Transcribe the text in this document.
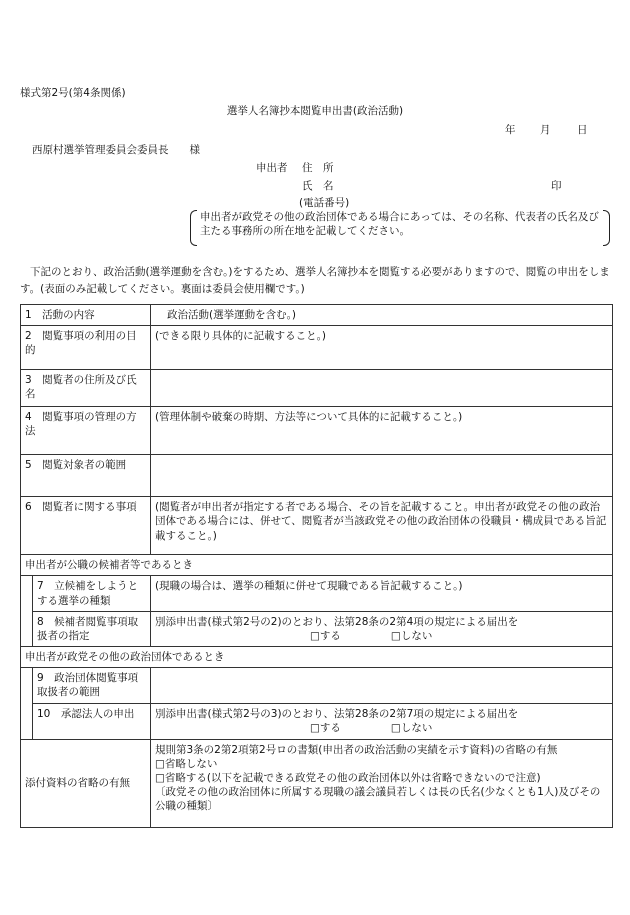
様式第2号(第4条関係)
選挙人名簿抄本閲覧申出書(政治活動)
年 月	日
西原村選挙管理委員会委員長　　様
申出者 住　所
氏　名	印
(電話番号)
申出者が政党その他の政治団体である場合にあっては、その名称、代表者の氏名及び主たる事務所の所在地を記載してください。
下記のとおり、政治活動(選挙運動を含む。)をするため、選挙人名簿抄本を閲覧する必要がありますので、閲覧の申出をします。(表面のみ記載してください。裏面は委員会使用欄です。)
1　活動の内容		政治活動(選挙運動を含む。)
2　閲覧事項の利用の目的		(できる限り具体的に記載すること。)
3　閲覧者の住所及び氏名		
4　閲覧事項の管理の方法		(管理体制や破棄の時期、方法等について具体的に記載すること。)
5　閲覧対象者の範囲		
6　閲覧者に関する事項		(閲覧者が申出者が指定する者である場合、その旨を記載すること。申出者が政党その他の政治団体である場合には、併せて、閲覧者が当該政党その他の政治団体の役職員・構成員である旨記載すること。)
申出者が公職の候補者等であるとき		
	7　立候補をしようとする選挙の種類	(現職の場合は、選挙の種類に併せて現職である旨記載すること。)
	8　候補者閲覧事項取扱者の指定	別添申出書(様式第2号の2)のとおり、法第28条の2第4項の規定による届出を
□する □しない

申出者が政党その他の政治団体であるとき		
	9　政治団体閲覧事項取扱者の範囲	
	10　承認法人の申出	別添申出書(様式第2号の3)のとおり、法第28条の2第7項の規定による届出を
□する □しない

添付資料の省略の有無		規則第3条の2第2項第2号ロの書類(申出者の政治活動の実績を示す資料)の省略の有無
□省略しない
□省略する(以下を記載できる政党その他の政治団体以外は省略できないので注意)
〔政党その他の政治団体に所属する現職の議会議員若しくは長の氏名(少なくとも1人)及びその公職の種類〕
